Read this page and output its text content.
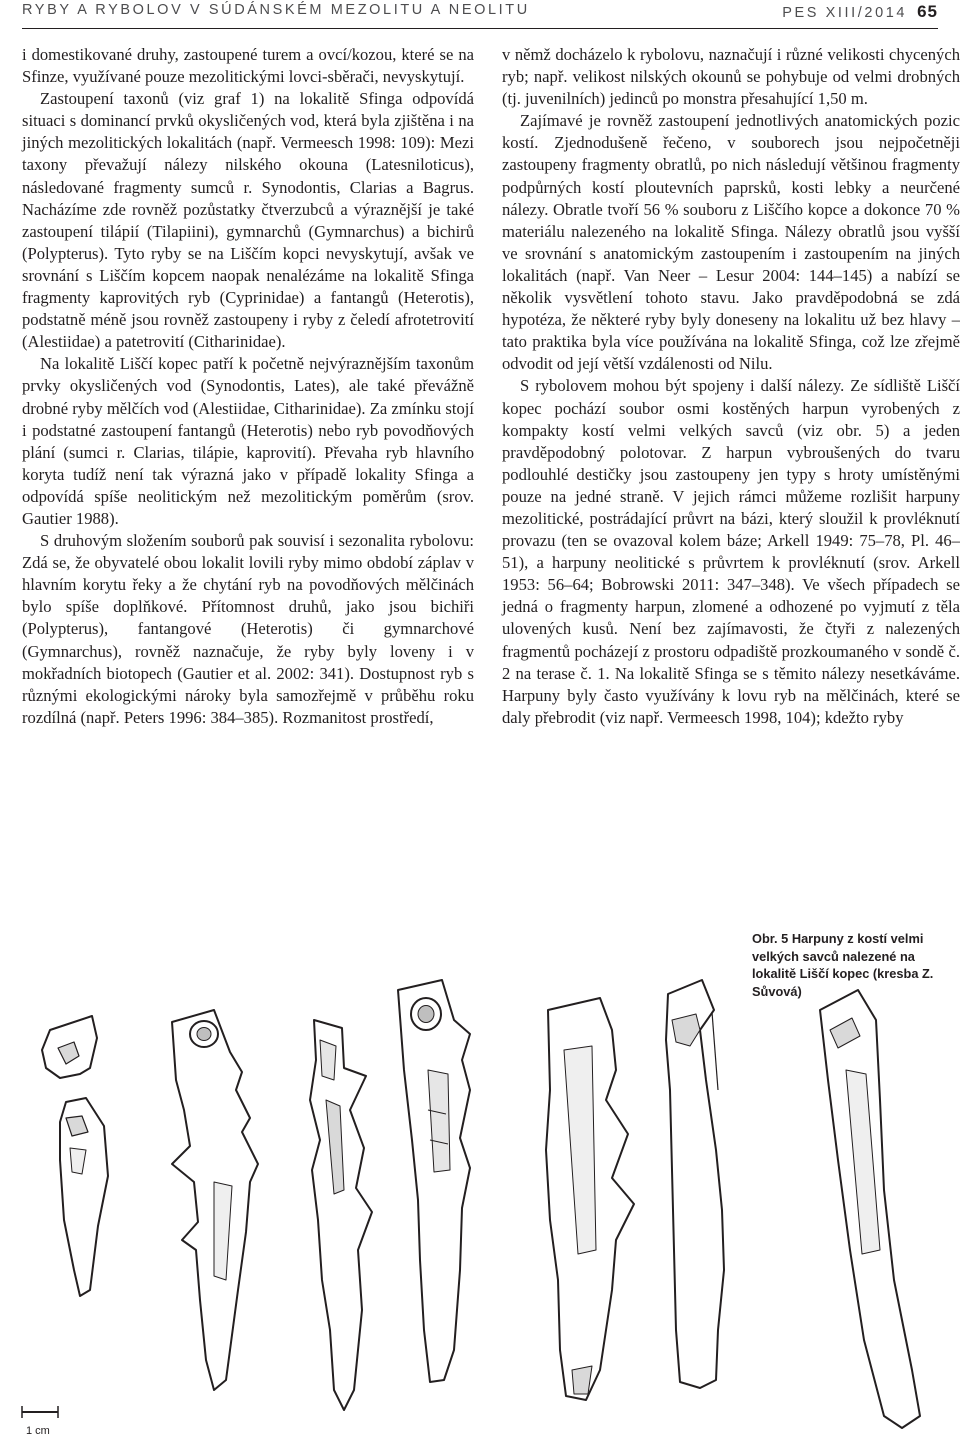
RYBY A RYBOLOV V SÚDÁNSKÉM MEZOLITU A NEOLITU	PES XIII/2014 65

i domestikované druhy, zastoupené turem a ovcí/kozou, které se na Sfinze, využívané pouze mezolitickými lovci-sběrači, nevyskytují.

Zastoupení taxonů (viz graf 1) na lokalitě Sfinga odpovídá situaci s dominancí prvků okysličených vod, která byla zjištěna i na jiných mezolitických lokalitách (např. Vermeesch 1998: 109): Mezi taxony převažují nálezy nilského okouna (Latesniloticus), následované fragmenty sumců r. Synodontis, Clarias a Bagrus. Nacházíme zde rovněž pozůstatky čtverzubců a výraznější je také zastoupení tilápií (Tilapiini), gymnarchů (Gymnarchus) a bichirů (Polypterus). Tyto ryby se na Liščím kopci nevyskytují, avšak ve srovnání s Liščím kopcem naopak nenalézáme na lokalitě Sfinga fragmenty kaprovitých ryb (Cyprinidae) a fantangů (Heterotis), podstatně méně jsou rovněž zastoupeny i ryby z čeledí afrotetrovití (Alestiidae) a patetrovití (Citharinidae).

Na lokalitě Liščí kopec patří k početně nejvýraznějším taxonům prvky okysličených vod (Synodontis, Lates), ale také převážně drobné ryby mělčích vod (Alestiidae, Citharinidae). Za zmínku stojí i podstatné zastoupení fantangů (Heterotis) nebo ryb povodňových plání (sumci r. Clarias, tilápie, kaprovití). Převaha ryb hlavního koryta tudíž není tak výrazná jako v případě lokality Sfinga a odpovídá spíše neolitickým než mezolitickým poměrům (srov. Gautier 1988).

S druhovým složením souborů pak souvisí i sezonalita rybolovu: Zdá se, že obyvatelé obou lokalit lovili ryby mimo období záplav v hlavním korytu řeky a že chytání ryb na povodňových mělčinách bylo spíše doplňkové. Přítomnost druhů, jako jsou bichiři (Polypterus), fantangové (Heterotis) či gymnarchové (Gymnarchus), rovněž naznačuje, že ryby byly loveny i v mokřadních biotopech (Gautier et al. 2002: 341). Dostupnost ryb s různými ekologickými nároky byla samozřejmě v průběhu roku rozdílná (např. Peters 1996: 384–385). Rozmanitost prostředí,

v němž docházelo k rybolovu, naznačují i různé velikosti chycených ryb; např. velikost nilských okounů se pohybuje od velmi drobných (tj. juvenilních) jedinců po monstra přesahující 1,50 m.

Zajímavé je rovněž zastoupení jednotlivých anatomických pozic kostí. Zjednodušeně řečeno, v souborech jsou nejpočetněji zastoupeny fragmenty obratlů, po nich následují většinou fragmenty podpůrných kostí ploutevních paprsků, kosti lebky a neurčené nálezy. Obratle tvoří 56 % souboru z Liščího kopce a dokonce 70 % materiálu nalezeného na lokalitě Sfinga. Nálezy obratlů jsou vyšší ve srovnání s anatomickým zastoupením i zastoupením na jiných lokalitách (např. Van Neer – Lesur 2004: 144–145) a nabízí se několik vysvětlení tohoto stavu. Jako pravděpodobná se zdá hypotéza, že některé ryby byly doneseny na lokalitu už bez hlavy – tato praktika byla více používána na lokalitě Sfinga, což lze zřejmě odvodit od její větší vzdálenosti od Nilu.

S rybolovem mohou být spojeny i další nálezy. Ze sídliště Liščí kopec pochází soubor osmi kostěných harpun vyrobených z kompakty kostí velmi velkých savců (viz obr. 5) a jeden pravděpodobný polotovar. Z harpun vybroušených do tvaru podlouhlé destičky jsou zastoupeny jen typy s hroty umístěnými pouze na jedné straně. V jejich rámci můžeme rozlišit harpuny mezolitické, postrádající průvrt na bázi, který sloužil k provléknutí provazu (ten se ovazoval kolem báze; Arkell 1949: 75–78, Pl. 46–51), a harpuny neolitické s průvrtem k provléknutí (srov. Arkell 1953: 56–64; Bobrowski 2011: 347–348). Ve všech případech se jedná o fragmenty harpun, zlomené a odhozené po vyjmutí z těla ulovených kusů. Není bez zajímavosti, že čtyři z nalezených fragmentů pocházejí z prostoru odpadiště prozkoumaného v sondě č. 2 na terase č. 1. Na lokalitě Sfinga se s těmito nálezy nesetkáváme. Harpuny byly často využívány k lovu ryb na mělčinách, které se daly přebrodit (viz např. Vermeesch 1998, 104); kdežto ryby

Obr. 5 Harpuny z kostí velmi velkých savců nalezené na lokalitě Liščí kopec (kresba Z. Sůvová)
1 cm
